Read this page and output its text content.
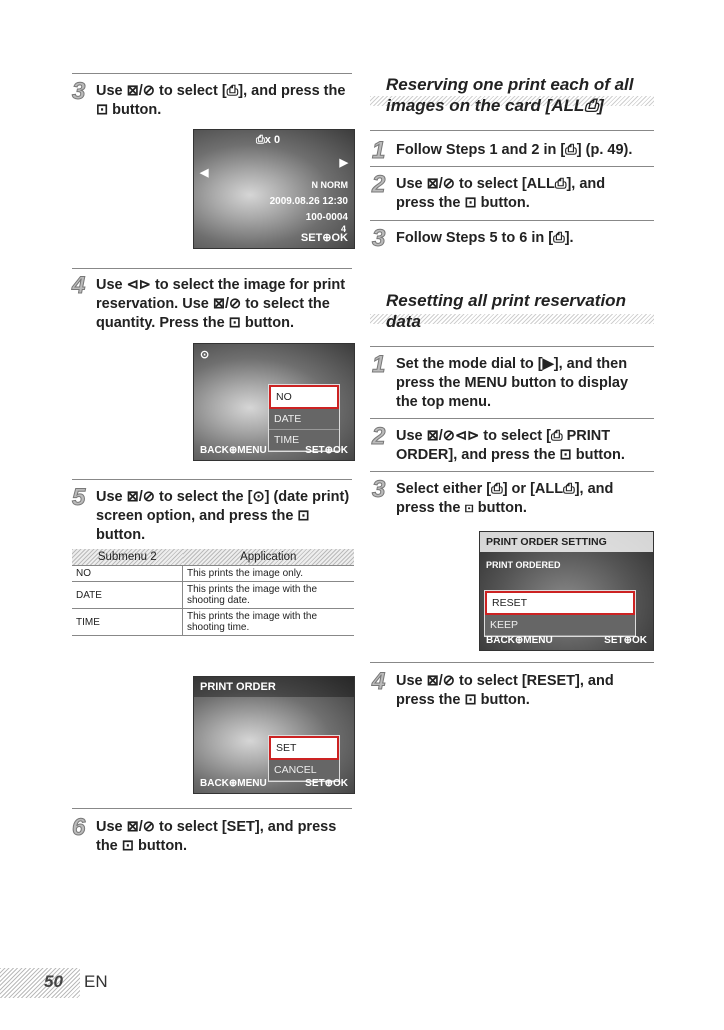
3 Use ⊠/⊘ to select [⎙], and press the ⊡ button.
⎙x 0
◀
▶
N NORM
2009.08.26 12:30
100-0004
4
SET⊕OK
4 Use ⊲⊳ to select the image for print reservation. Use ⊠/⊘ to select the quantity. Press the ⊡ button.
⊙
NO
DATE
TIME
BACK⊕MENU	SET⊕OK
5 Use ⊠/⊘ to select the [⊙] (date print) screen option, and press the ⊡ button.
Submenu 2	Application
NO	This prints the image only.
DATE	This prints the image with the shooting date.
TIME	This prints the image with the shooting time.
PRINT ORDER
SET
CANCEL
BACK⊕MENU	SET⊕OK
6 Use ⊠/⊘ to select [SET], and press the ⊡ button.
Reserving one print each of all images on the card [ALL⎙]
1 Follow Steps 1 and 2 in [⎙] (p. 49).
2 Use ⊠/⊘ to select [ALL⎙], and press the ⊡ button.
3 Follow Steps 5 to 6 in [⎙].
Resetting all print reservation data
1 Set the mode dial to [▶], and then press the MENU button to display the top menu.
2 Use ⊠/⊘⊲⊳ to select [⎙ PRINT ORDER], and press the ⊡ button.
3 Select either [⎙] or [ALL⎙], and press the ⊡ button.
PRINT ORDER SETTING
PRINT ORDERED
RESET
KEEP
BACK⊕MENU	SET⊕OK
4 Use ⊠/⊘ to select [RESET], and press the ⊡ button.
50 EN
